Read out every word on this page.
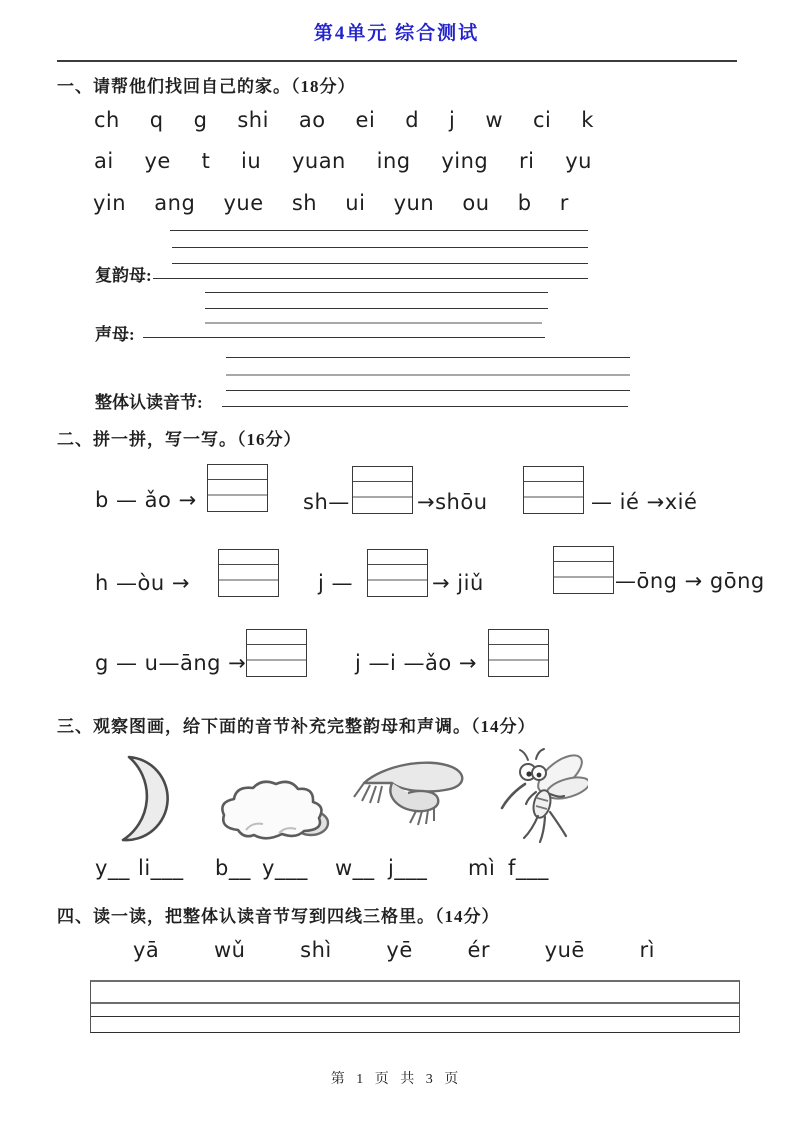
第4单元 综合测试
一、请帮他们找回自己的家。（18分）
ch q g shi ao ei d j w ci k
ai ye t iu yuan ing ying ri yu
yin ang yue sh ui yun ou b r
复韵母:
声母:
整体认读音节:
二、拼一拼，写一写。（16分）
b — ǎo →	sh—	→shōu	— ié →xié
h —òu →	j —	→ jiǔ	—ōng → gōng
g — u—āng →	j —i —ǎo →
三、观察图画，给下面的音节补充完整韵母和声调。（14分）
y__ li___ b__ y___ w__ j___ mì f___
四、读一读，把整体认读音节写到四线三格里。（14分）
yā	wǔ	shì	yē	ér	yuē	rì
第 1 页 共 3 页
